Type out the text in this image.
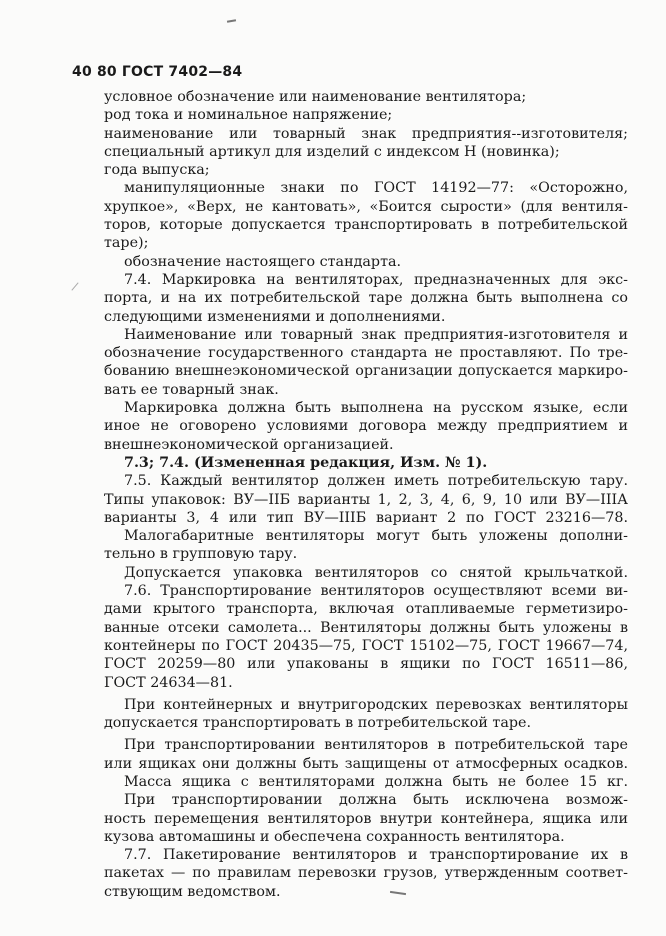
40 80 ГОСТ 7402—84
условное обозначение или наименование вентилятора;
род тока и номинальное напряжение;
наименование или товарный знак предприятия--изготовителя;
специальный артикул для изделий с индексом Н (новинка);
года выпуска;
манипуляционные знаки по ГОСТ 14192—77: «Осторожно,
хрупкое», «Верх, не кантовать», «Боится сырости» (для вентиля-
торов, которые допускается транспортировать в потребительской
таре);
обозначение настоящего стандарта.
7.4. Маркировка на вентиляторах, предназначенных для экс-
порта, и на их потребительской таре должна быть выполнена со
следующими изменениями и дополнениями.
Наименование или товарный знак предприятия-изготовителя и
обозначение государственного стандарта не проставляют. По тре-
бованию внешнеэкономической организации допускается маркиро-
вать ее товарный знак.
Маркировка должна быть выполнена на русском языке, если
иное не оговорено условиями договора между предприятием и
внешнеэкономической организацией.
7.3; 7.4. (Измененная редакция, Изм. № 1).
7.5. Каждый вентилятор должен иметь потребительскую тару.
Типы упаковок: ВУ—IIБ варианты 1, 2, 3, 4, 6, 9, 10 или ВУ—IIIА
варианты 3, 4 или тип ВУ—IIIБ вариант 2 по ГОСТ 23216—78.
Малогабаритные вентиляторы могут быть уложены дополни-
тельно в групповую тару.
Допускается упаковка вентиляторов со снятой крыльчаткой.
7.6. Транспортирование вентиляторов осуществляют всеми ви-
дами крытого транспорта, включая отапливаемые герметизиро-
ванные отсеки самолета... Вентиляторы должны быть уложены в
контейнеры по ГОСТ 20435—75, ГОСТ 15102—75, ГОСТ 19667—74,
ГОСТ 20259—80 или упакованы в ящики по ГОСТ 16511—86,
ГОСТ 24634—81.
При контейнерных и внутригородских перевозках вентиляторы
допускается транспортировать в потребительской таре.
При транспортировании вентиляторов в потребительской таре
или ящиках они должны быть защищены от атмосферных осадков.
Масса ящика с вентиляторами должна быть не более 15 кг.
При транспортировании должна быть исключена возмож-
ность перемещения вентиляторов внутри контейнера, ящика или
кузова автомашины и обеспечена сохранность вентилятора.
7.7. Пакетирование вентиляторов и транспортирование их в
пакетах — по правилам перевозки грузов, утвержденным соответ-
ствующим ведомством.
